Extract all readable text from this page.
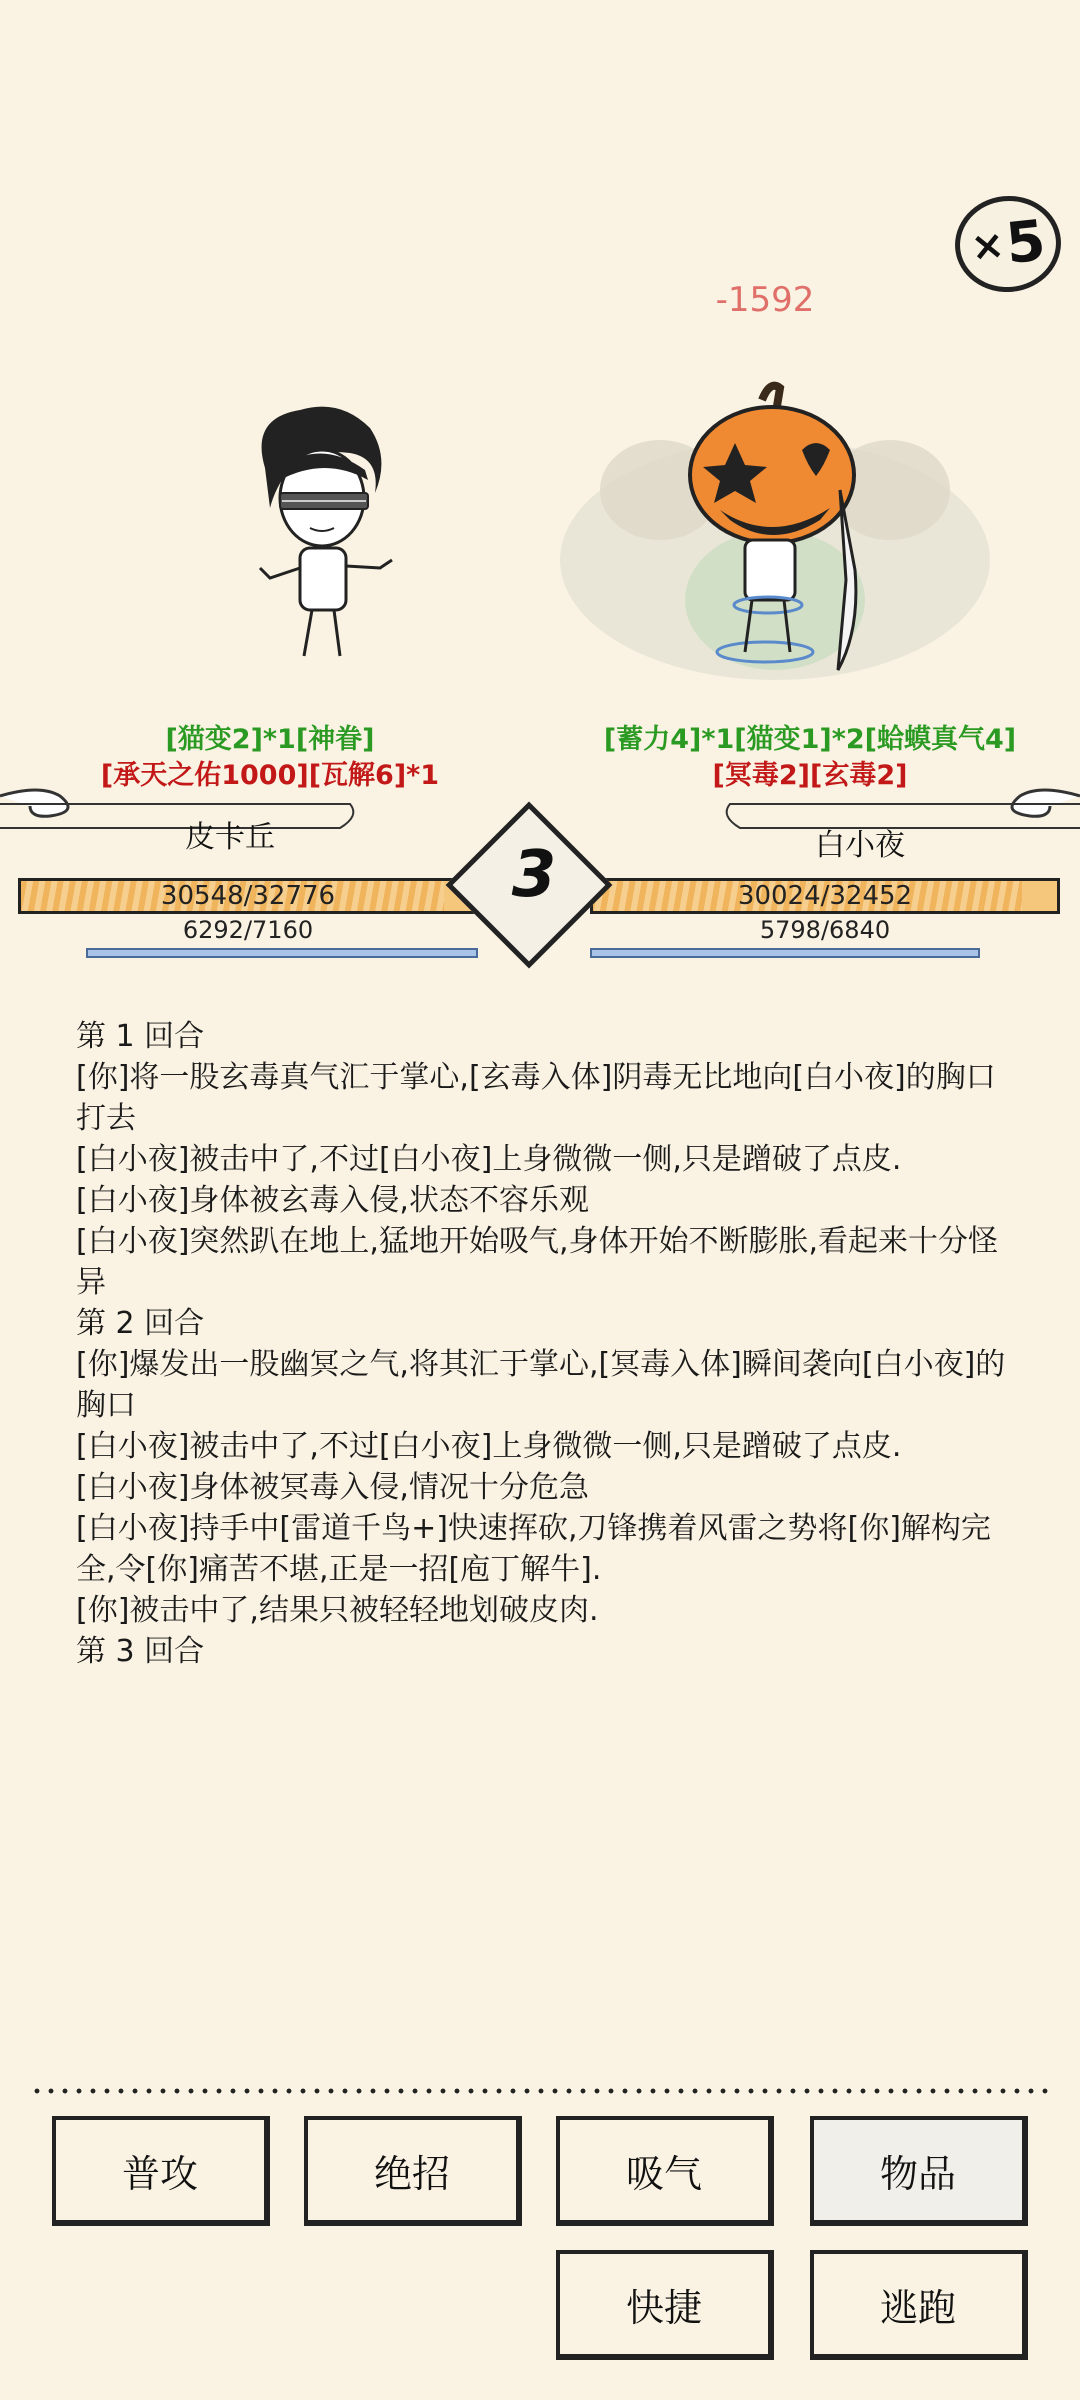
×
5
-1592
[猫变2]*1[神眷]
[承天之佑1000][瓦解6]*1
[蓄力4]*1[猫变1]*2[蛤蟆真气4]
[冥毒2][玄毒2]
皮卡丘	白小夜
30548/32776
6292/7160
30024/32452
5798/6840
3

第 1 回合

[你]将一股玄毒真气汇于掌心,[玄毒入体]阴毒无比地向[白小夜]的胸口打去

[白小夜]被击中了,不过[白小夜]上身微微一侧,只是蹭破了点皮.

[白小夜]身体被玄毒入侵,状态不容乐观

[白小夜]突然趴在地上,猛地开始吸气,身体开始不断膨胀,看起来十分怪异

第 2 回合

[你]爆发出一股幽冥之气,将其汇于掌心,[冥毒入体]瞬间袭向[白小夜]的胸口

[白小夜]被击中了,不过[白小夜]上身微微一侧,只是蹭破了点皮.

[白小夜]身体被冥毒入侵,情况十分危急

[白小夜]持手中[雷道千鸟+]快速挥砍,刀锋携着风雷之势将[你]解构完全,令[你]痛苦不堪,正是一招[庖丁解牛].

[你]被击中了,结果只被轻轻地划破皮肉.

第 3 回合

普攻	绝招	吸气	物品
快捷	逃跑
